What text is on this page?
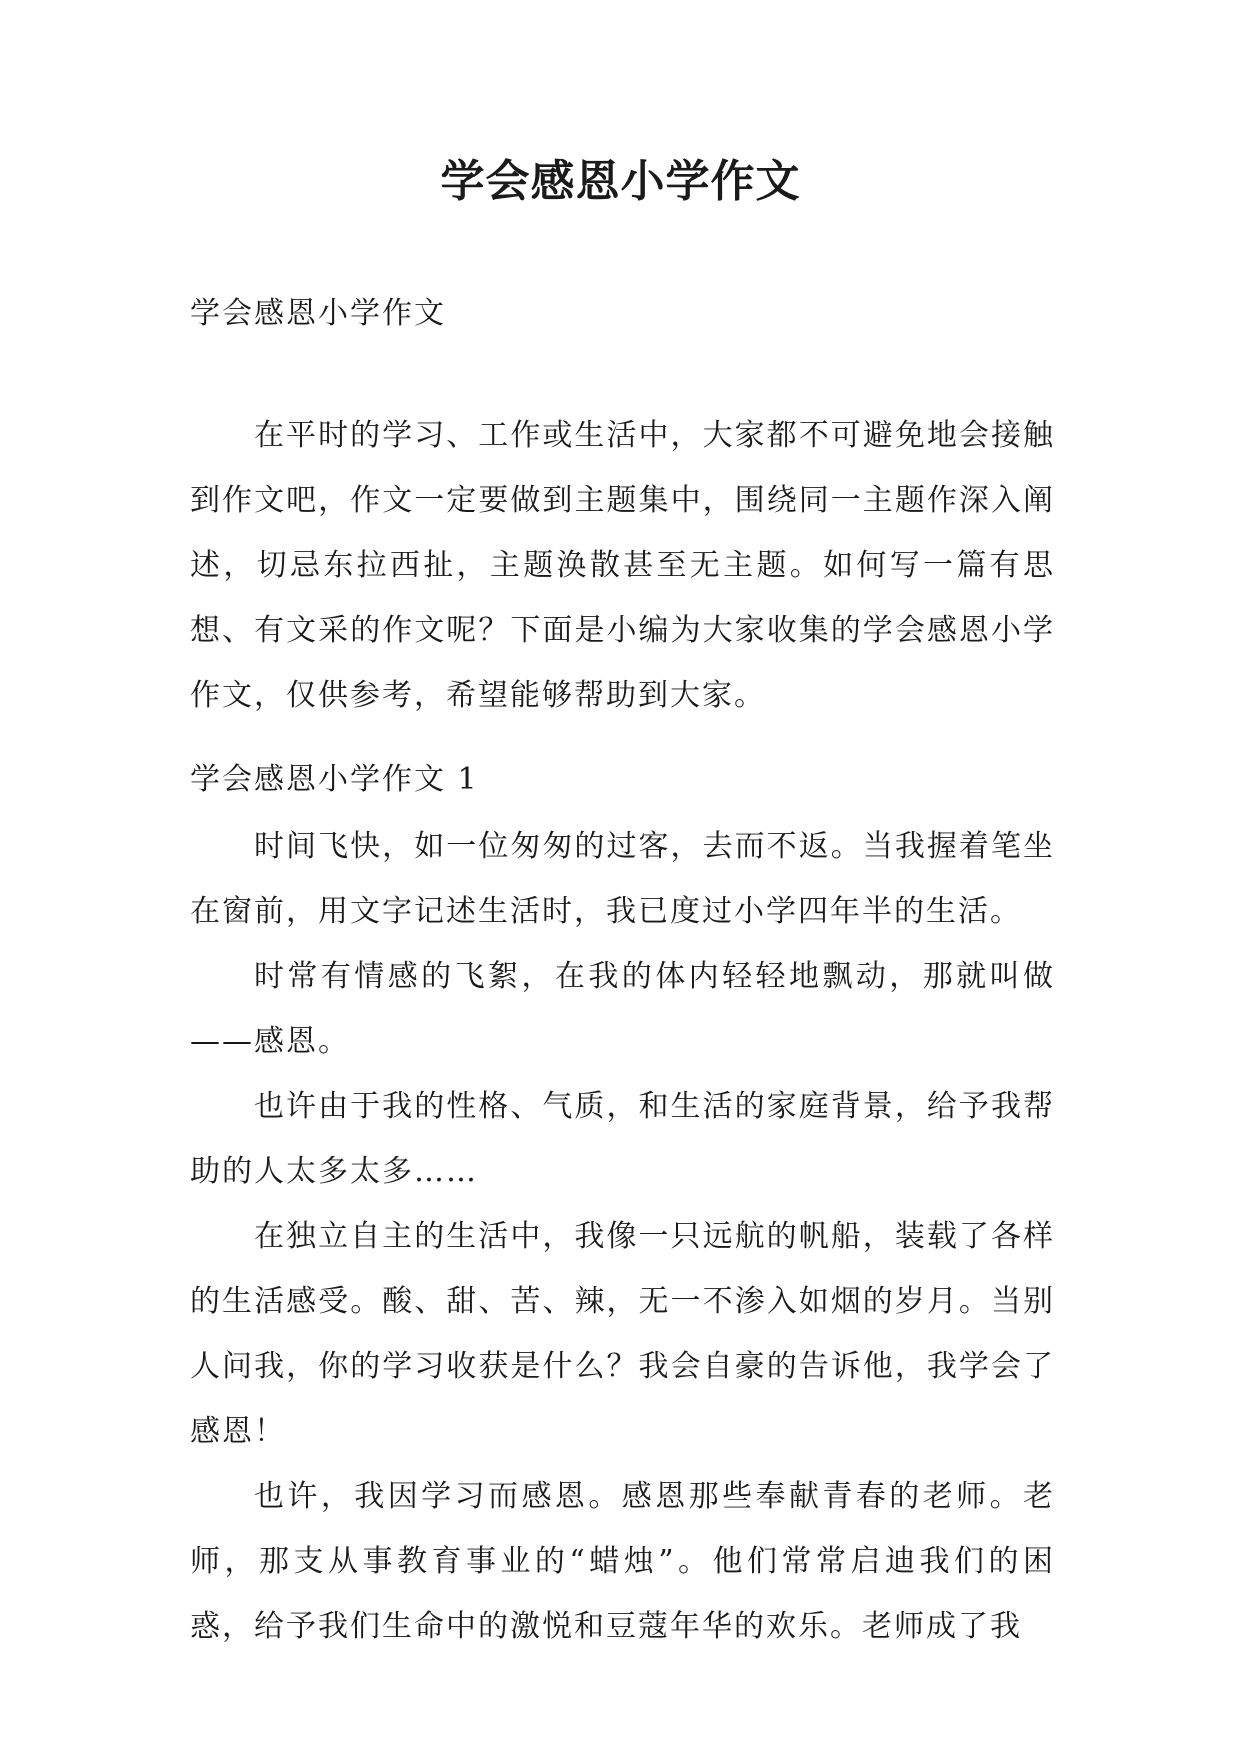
学会感恩小学作文

学会感恩小学作文

在平时的学习、工作或生活中，大家都不可避免地会接触到作文吧，作文一定要做到主题集中，围绕同一主题作深入阐述，切忌东拉西扯，主题涣散甚至无主题。如何写一篇有思想、有文采的作文呢？下面是小编为大家收集的学会感恩小学作文，仅供参考，希望能够帮助到大家。

学会感恩小学作文 1

时间飞快，如一位匆匆的过客，去而不返。当我握着笔坐在窗前，用文字记述生活时，我已度过小学四年半的生活。

时常有情感的飞絮，在我的体内轻轻地飘动，那就叫做——感恩。

也许由于我的性格、气质，和生活的家庭背景，给予我帮助的人太多太多……

在独立自主的生活中，我像一只远航的帆船，装载了各样的生活感受。酸、甜、苦、辣，无一不渗入如烟的岁月。当别人问我，你的学习收获是什么？我会自豪的告诉他，我学会了感恩！

也许，我因学习而感恩。感恩那些奉献青春的老师。老师，那支从事教育事业的“蜡烛”。他们常常启迪我们的困惑，给予我们生命中的激悦和豆蔻年华的欢乐。老师成了我
